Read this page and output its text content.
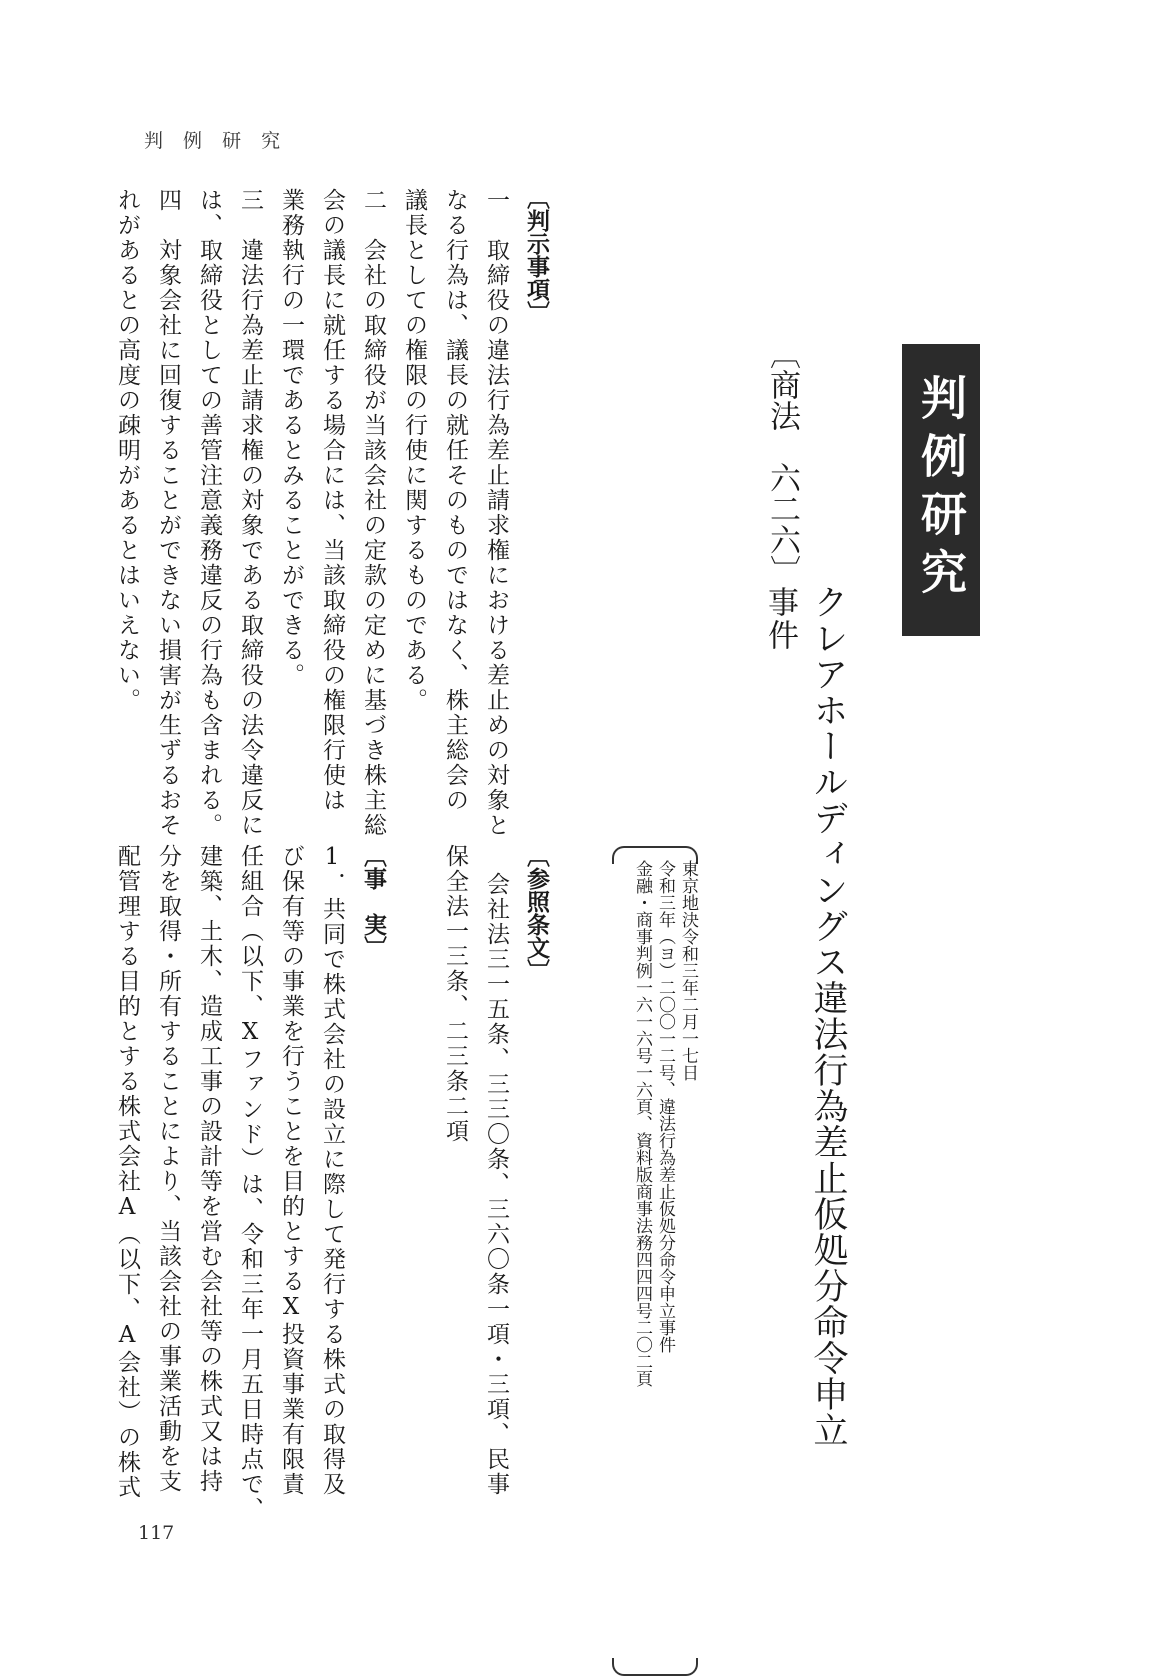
判 例 研 究
判例研究
クレアホールディングス違法行為差止仮処分命令申立
〔商法　六二六〕
事件
東京地決令和三年二月一七日
令和三年（ヨ）二〇〇一二号、違法行為差止仮処分命令申立事件
金融・商事判例一六一六号一六頁、資料版商事法務四四四号二〇二頁
〔判示事項〕
一　取締役の違法行為差止請求権における差止めの対象と
なる行為は、議長の就任そのものではなく、株主総会の
議長としての権限の行使に関するものである。
二　会社の取締役が当該会社の定款の定めに基づき株主総
会の議長に就任する場合には、当該取締役の権限行使は
業務執行の一環であるとみることができる。
三　違法行為差止請求権の対象である取締役の法令違反に
は、取締役としての善管注意義務違反の行為も含まれる。
四　対象会社に回復することができない損害が生ずるおそ
れがあるとの高度の疎明があるとはいえない。
〔参照条文〕
会社法三一五条、三三〇条、三六〇条一項・三項、民事
保全法一三条、二三条二項
〔事　実〕
1．共同で株式会社の設立に際して発行する株式の取得及
び保有等の事業を行うことを目的とするX投資事業有限責
任組合（以下、Xファンド）は、令和三年一月五日時点で、
建築、土木、造成工事の設計等を営む会社等の株式又は持
分を取得・所有することにより、当該会社の事業活動を支
配管理する目的とする株式会社A（以下、A会社）の株式
117
